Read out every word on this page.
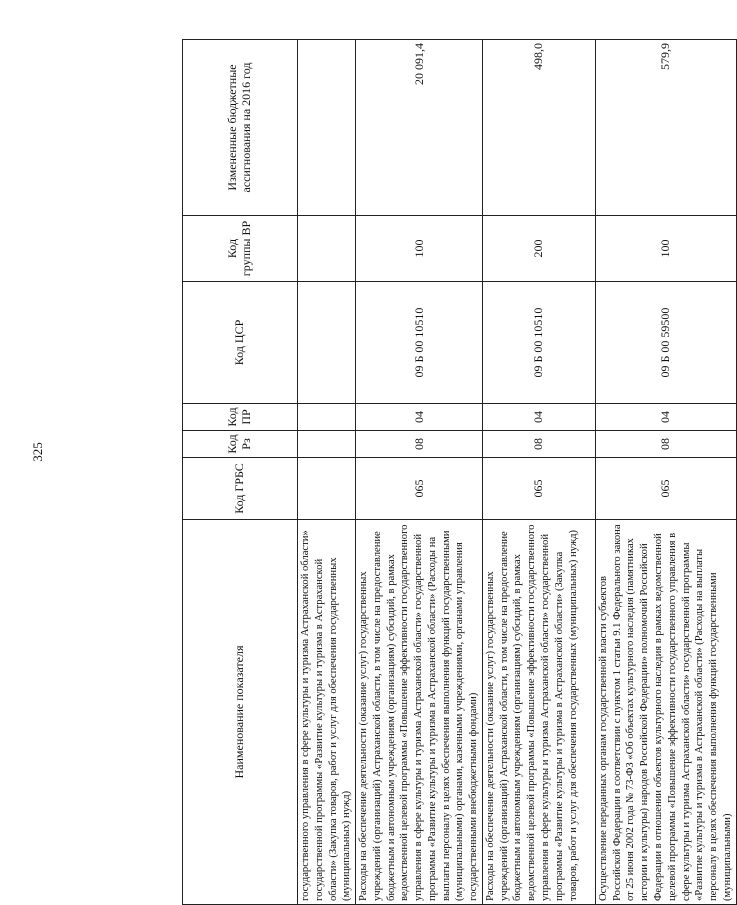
325
Наименование показателя	Код ГРБС	Код Рз	Код ПР	Код ЦСР	Код группы ВР	Измененные бюджетные ассигнования на 2016 год
государственного управления в сфере культуры и туризма Астраханской области» государственной программы «Развитие культуры и туризма в Астраханской области» (Закупка товаров, работ и услуг для обеспечения государственных (муниципальных) нужд)						
Расходы на обеспечение деятельности (оказание услуг) государственных учреждений (организаций) Астраханской области, в том числе на предоставление бюджетным и автономным учреждениям (организациям) субсидий, в рамках ведомственной целевой программы «Повышение эффективности государственного управления в сфере культуры и туризма Астраханской области» государственной программы «Развитие культуры и туризма в Астраханской области» (Расходы на выплаты персоналу в целях обеспечения выполнения функций государственными (муниципальными) органами, казенными учреждениями, органами управления государственными внебюджетными фондами)	065	08	04	09 Б 00 10510	100	20 091,4
Расходы на обеспечение деятельности (оказание услуг) государственных учреждений (организаций) Астраханской области, в том числе на предоставление бюджетным и автономным учреждениям (организациям) субсидий, в рамках ведомственной целевой программы «Повышение эффективности государственного управления в сфере культуры и туризма Астраханской области» государственной программы «Развитие культуры и туризма в Астраханской области» (Закупка товаров, работ и услуг для обеспечения государственных (муниципальных) нужд)	065	08	04	09 Б 00 10510	200	498,0
Осуществление переданных органам государственной власти субъектов Российской Федерации в соответствии с пунктом 1 статьи 9.1 Федерального закона от 25 июня 2002 года № 73-ФЗ «Об объектах культурного наследия (памятниках истории и культуры) народов Российской Федерации» полномочий Российской Федерации в отношении объектов культурного наследия в рамках ведомственной целевой программы «Повышение эффективности государственного управления в сфере культуры и туризма Астраханской области» государственной программы «Развитие культуры и туризма в Астраханской области» (Расходы на выплаты персоналу в целях обеспечения выполнения функций государственными (муниципальными)	065	08	04	09 Б 00 59500	100	579,9
